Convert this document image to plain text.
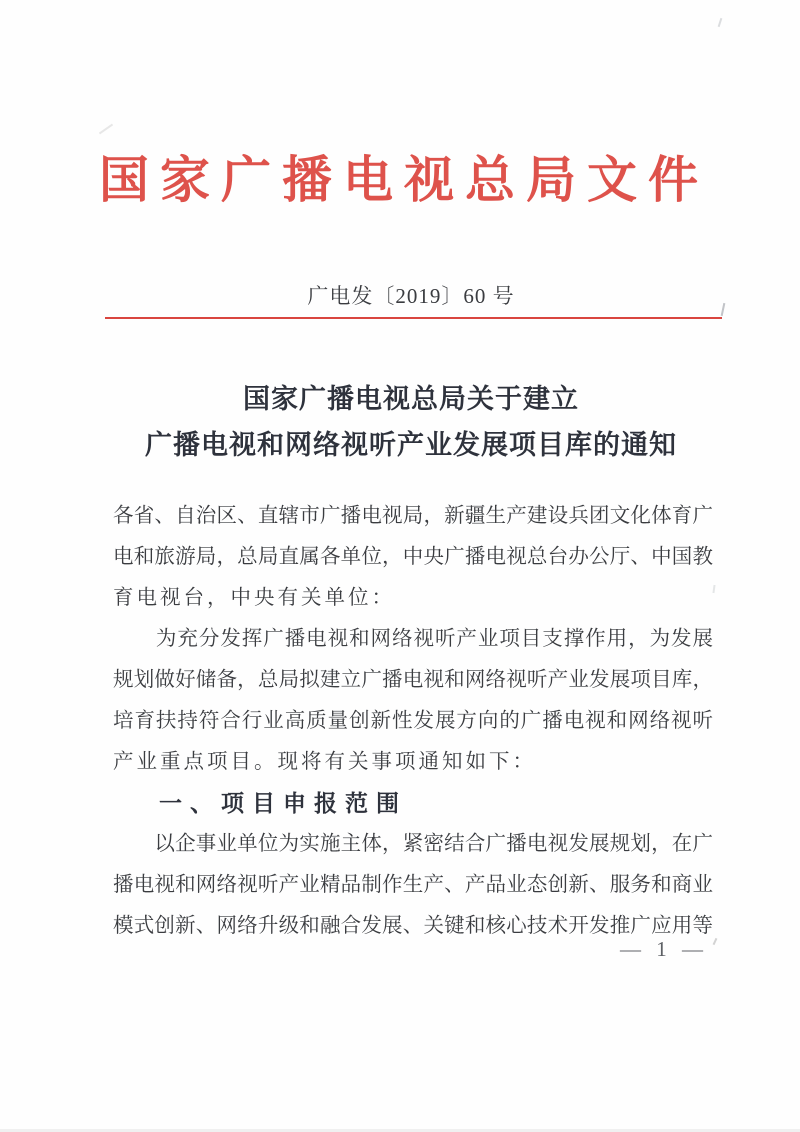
国家广播电视总局文件
广电发〔2019〕60 号
国家广播电视总局关于建立
广播电视和网络视听产业发展项目库的通知
各省、自治区、直辖市广播电视局，新疆生产建设兵团文化体育广
电和旅游局，总局直属各单位，中央广播电视总台办公厅、中国教
育电视台，中央有关单位：
　　为充分发挥广播电视和网络视听产业项目支撑作用，为发展
规划做好储备，总局拟建立广播电视和网络视听产业发展项目库，
培育扶持符合行业高质量创新性发展方向的广播电视和网络视听
产业重点项目。现将有关事项通知如下：
一、项目申报范围
　　以企事业单位为实施主体，紧密结合广播电视发展规划，在广
播电视和网络视听产业精品制作生产、产品业态创新、服务和商业
模式创新、网络升级和融合发展、关键和核心技术开发推广应用等
— 1 —
